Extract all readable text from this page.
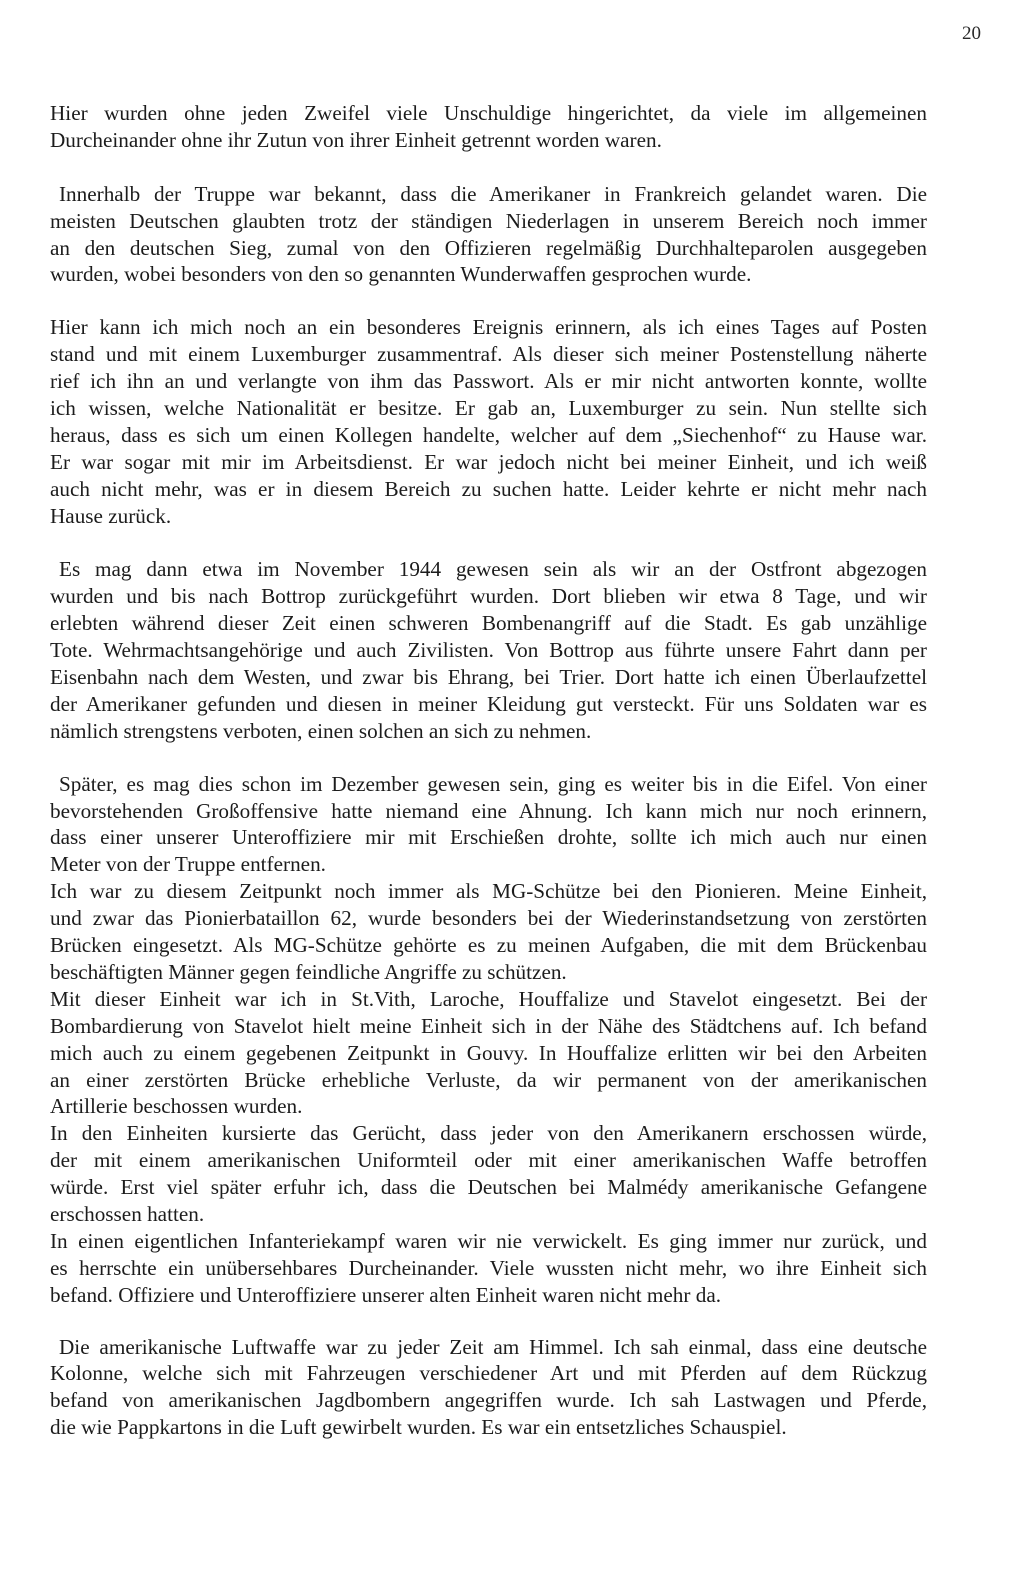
20

Hier wurden ohne jeden Zweifel viele Unschuldige hingerichtet, da viele im allgemeinen
Durcheinander ohne ihr Zutun von ihrer Einheit getrennt worden waren.

Innerhalb der Truppe war bekannt, dass die Amerikaner in Frankreich gelandet waren. Die
meisten Deutschen glaubten trotz der ständigen Niederlagen in unserem Bereich noch immer
an den deutschen Sieg, zumal von den Offizieren regelmäßig Durchhalteparolen ausgegeben
wurden, wobei besonders von den so genannten Wunderwaffen gesprochen wurde.

Hier kann ich mich noch an ein besonderes Ereignis erinnern, als ich eines Tages auf Posten
stand und mit einem Luxemburger zusammentraf. Als dieser sich meiner Postenstellung näherte
rief ich ihn an und verlangte von ihm das Passwort. Als er mir nicht antworten konnte, wollte
ich wissen, welche Nationalität er besitze. Er gab an, Luxemburger zu sein. Nun stellte sich
heraus, dass es sich um einen Kollegen handelte, welcher auf dem „Siechenhof“ zu Hause war.
Er war sogar mit mir im Arbeitsdienst. Er war jedoch nicht bei meiner Einheit, und ich weiß
auch nicht mehr, was er in diesem Bereich zu suchen hatte. Leider kehrte er nicht mehr nach
Hause zurück.

Es mag dann etwa im November 1944 gewesen sein als wir an der Ostfront abgezogen
wurden und bis nach Bottrop zurückgeführt wurden. Dort blieben wir etwa 8 Tage, und wir
erlebten während dieser Zeit einen schweren Bombenangriff auf die Stadt. Es gab unzählige
Tote. Wehrmachtsangehörige und auch Zivilisten. Von Bottrop aus führte unsere Fahrt dann per
Eisenbahn nach dem Westen, und zwar bis Ehrang, bei Trier. Dort hatte ich einen Überlaufzettel
der Amerikaner gefunden und diesen in meiner Kleidung gut versteckt. Für uns Soldaten war es
nämlich strengstens verboten, einen solchen an sich zu nehmen.

Später, es mag dies schon im Dezember gewesen sein, ging es weiter bis in die Eifel. Von einer
bevorstehenden Großoffensive hatte niemand eine Ahnung. Ich kann mich nur noch erinnern,
dass einer unserer Unteroffiziere mir mit Erschießen drohte, sollte ich mich auch nur einen
Meter von der Truppe entfernen.

Ich war zu diesem Zeitpunkt noch immer als MG-Schütze bei den Pionieren. Meine Einheit,
und zwar das Pionierbataillon 62, wurde besonders bei der Wiederinstandsetzung von zerstörten
Brücken eingesetzt. Als MG-Schütze gehörte es zu meinen Aufgaben, die mit dem Brückenbau
beschäftigten Männer gegen feindliche Angriffe zu schützen.

Mit dieser Einheit war ich in St.Vith, Laroche, Houffalize und Stavelot eingesetzt. Bei der
Bombardierung von Stavelot hielt meine Einheit sich in der Nähe des Städtchens auf. Ich befand
mich auch zu einem gegebenen Zeitpunkt in Gouvy. In Houffalize erlitten wir bei den Arbeiten
an einer zerstörten Brücke erhebliche Verluste, da wir permanent von der amerikanischen
Artillerie beschossen wurden.

In den Einheiten kursierte das Gerücht, dass jeder von den Amerikanern erschossen würde,
der mit einem amerikanischen Uniformteil oder mit einer amerikanischen Waffe betroffen
würde. Erst viel später erfuhr ich, dass die Deutschen bei Malmédy amerikanische Gefangene
erschossen hatten.

In einen eigentlichen Infanteriekampf waren wir nie verwickelt. Es ging immer nur zurück, und
es herrschte ein unübersehbares Durcheinander. Viele wussten nicht mehr, wo ihre Einheit sich
befand. Offiziere und Unteroffiziere unserer alten Einheit waren nicht mehr da.

Die amerikanische Luftwaffe war zu jeder Zeit am Himmel. Ich sah einmal, dass eine deutsche
Kolonne, welche sich mit Fahrzeugen verschiedener Art und mit Pferden auf dem Rückzug
befand von amerikanischen Jagdbombern angegriffen wurde. Ich sah Lastwagen und Pferde,
die wie Pappkartons in die Luft gewirbelt wurden. Es war ein entsetzliches Schauspiel.
